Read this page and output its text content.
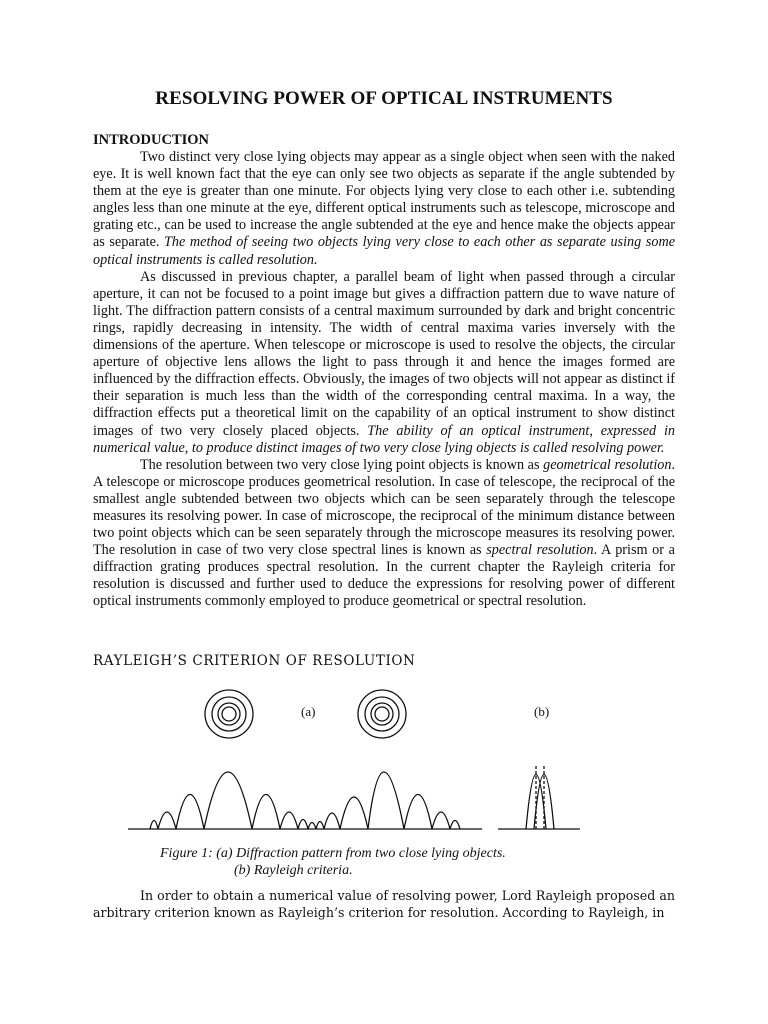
RESOLVING POWER OF OPTICAL INSTRUMENTS
INTRODUCTION

Two distinct very close lying objects may appear as a single object when seen with the naked eye. It is well known fact that the eye can only see two objects as separate if the angle subtended by them at the eye is greater than one minute. For objects lying very close to each other i.e. subtending angles less than one minute at the eye, different optical instruments such as telescope, microscope and grating etc., can be used to increase the angle subtended at the eye and hence make the objects appear as separate. The method of seeing two objects lying very close to each other as separate using some optical instruments is called resolution.

As discussed in previous chapter, a parallel beam of light when passed through a circular aperture, it can not be focused to a point image but gives a diffraction pattern due to wave nature of light. The diffraction pattern consists of a central maximum surrounded by dark and bright concentric rings, rapidly decreasing in intensity. The width of central maxima varies inversely with the dimensions of the aperture. When telescope or microscope is used to resolve the objects, the circular aperture of objective lens allows the light to pass through it and hence the images formed are influenced by the diffraction effects. Obviously, the images of two objects will not appear as distinct if their separation is much less than the width of the corresponding central maxima. In a way, the diffraction effects put a theoretical limit on the capability of an optical instrument to show distinct images of two very closely placed objects. The ability of an optical instrument, expressed in numerical value, to produce distinct images of two very close lying objects is called resolving power.

The resolution between two very close lying point objects is known as geometrical resolution. A telescope or microscope produces geometrical resolution. In case of telescope, the reciprocal of the smallest angle subtended between two objects which can be seen separately through the telescope measures its resolving power. In case of microscope, the reciprocal of the minimum distance between two point objects which can be seen separately through the microscope measures its resolving power. The resolution in case of two very close spectral lines is known as spectral resolution. A prism or a diffraction grating produces spectral resolution. In the current chapter the Rayleigh criteria for resolution is discussed and further used to deduce the expressions for resolving power of different optical instruments commonly employed to produce geometrical or spectral resolution.

RAYLEIGH’S CRITERION OF RESOLUTION
(a)	(b)
Figure 1: (a) Diffraction pattern from two close lying objects.
(b) Rayleigh criteria.

In order to obtain a numerical value of resolving power, Lord Rayleigh proposed an arbitrary criterion known as Rayleigh’s criterion for resolution. According to Rayleigh, in
